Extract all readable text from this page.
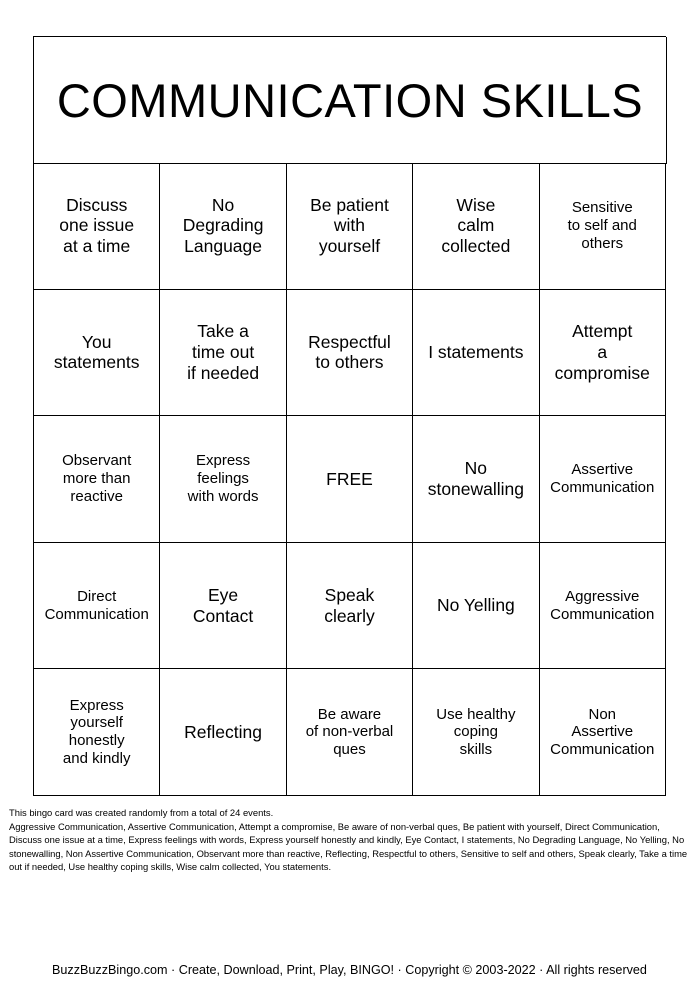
COMMUNICATION SKILLS
Discuss
one issue
at a time
No
Degrading
Language
Be patient
with
yourself
Wise
calm
collected
Sensitive
to self and
others
You
statements
Take a
time out
if needed
Respectful
to others
I statements
Attempt
a
compromise
Observant
more than
reactive
Express
feelings
with words
FREE
No
stonewalling
Assertive
Communication
Direct
Communication
Eye
Contact
Speak
clearly
No Yelling	Aggressive
Communication
Express
yourself
honestly
and kindly
Reflecting
Be aware
of non-verbal
ques
Use healthy
coping
skills
Non
Assertive
Communication

This bingo card was created randomly from a total of 24 events.

Aggressive Communication, Assertive Communication, Attempt a compromise, Be aware of non-verbal ques, Be patient with yourself, Direct Communication, Discuss one issue at a time, Express feelings with words, Express yourself honestly and kindly, Eye Contact, I statements, No Degrading Language, No Yelling, No stonewalling, Non Assertive Communication, Observant more than reactive, Reflecting, Respectful to others, Sensitive to self and others, Speak clearly, Take a time out if needed, Use healthy coping skills, Wise calm collected, You statements.

BuzzBuzzBingo.com · Create, Download, Print, Play, BINGO! · Copyright © 2003-2022 · All rights reserved
